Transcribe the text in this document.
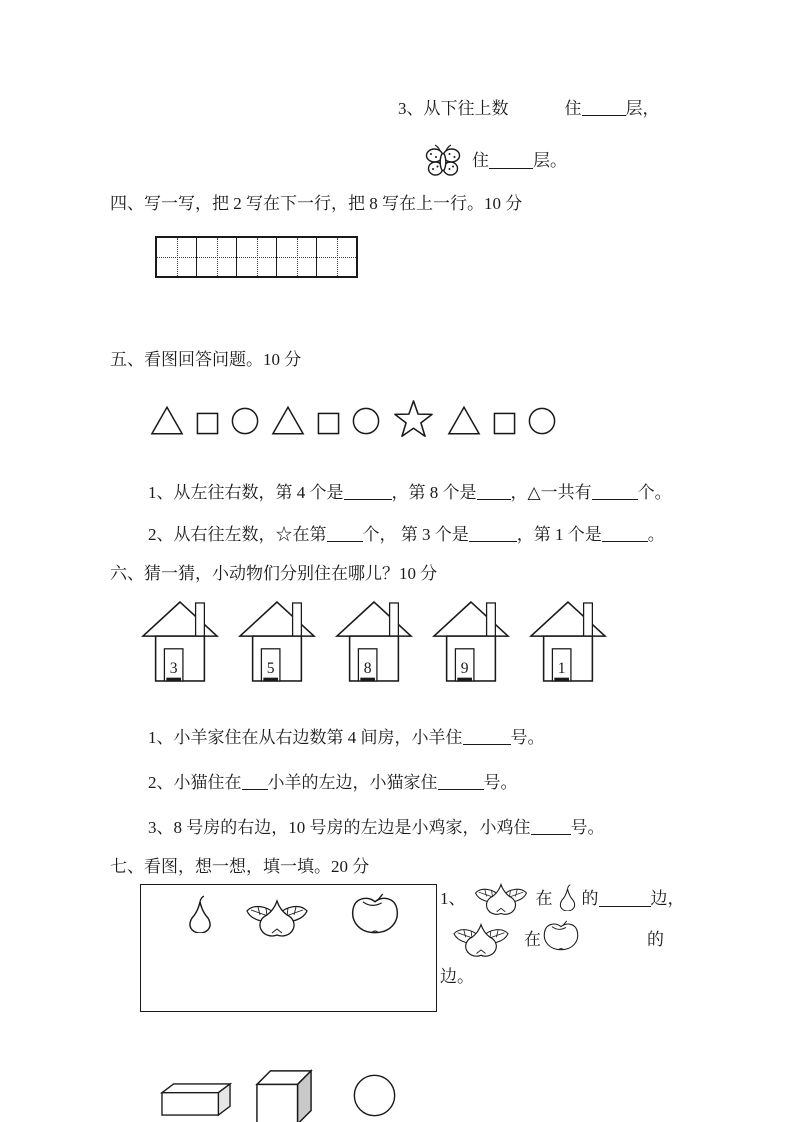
3、从下往上数	住	层，
住	层。
四、写一写，把 2 写在下一行，把 8 写在上一行。10 分
五、看图回答问题。10 分
1、从左往右数，第 4 个是	，第 8 个是 ，△一共有	个。
2、从右往左数，☆在第 个， 第 3 个是	，第 1 个是	。
六、猜一猜，小动物们分别住在哪儿？10 分
3	5	8	9	1
1、小羊家住在从右边数第 4 间房，小羊住	号。
2、小猫住在 小羊的左边，小猫家住	号。
3、8 号房的右边，10 号房的左边是小鸡家，小鸡住 号。
七、看图，想一想，填一填。20 分
1、	在 的	边，
在	的
边。
